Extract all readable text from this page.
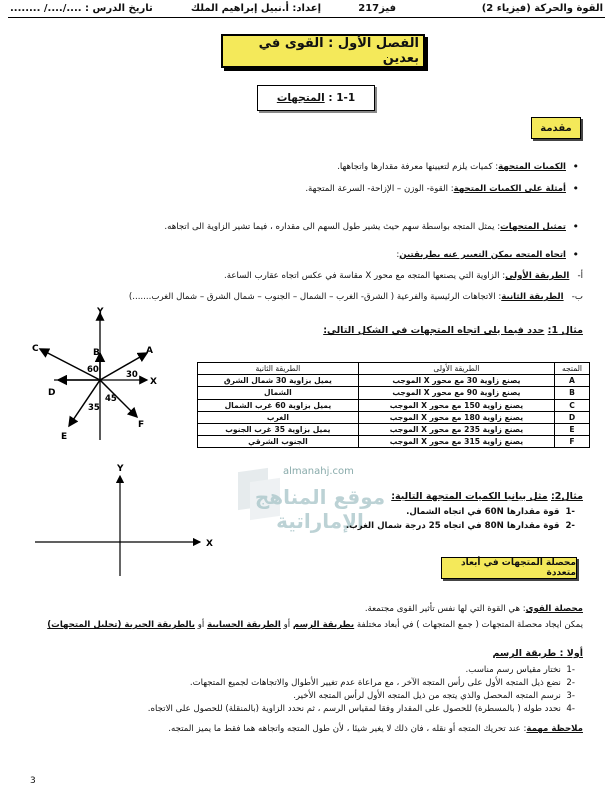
القوة والحركة (فيزياء 2)
فيز217
إعداد: أ.نبيل إبراهيم الملك
تاريخ الدرس : ..../..../ ........
الفصل الأول : القوى في بعدين
1-1 :

المتجهات
مقدمة
• الكميات المتجهة: كميات يلزم لتعيينها معرفة مقدارها واتجاهها.
• أمثلة على الكميات المتجهة: القوة- الوزن – الإزاحة- السرعة المتجهة.
• تمثيل المتجهات: يمثل المتجه بواسطة سهم حيث يشير طول السهم الى مقداره ، فيما تشير الزاوية الى اتجاهه.
• اتجاه المتجه يمكن التعبير عنه بطريقتين:
أ-   الطريقة الأولى: الزاوية التي يصنعها المتجه مع محور X مقاسة في عكس اتجاه عقارب الساعة.
ب-   الطريقة الثانية: الاتجاهات الرئيسية والفرعية ( الشرق- الغرب – الشمال – الجنوب – شمال الشرق – شمال الغرب.......)
مثال 1: حدد فيما يلي اتجاه المتجهات في الشكل التالي:
Y
X
A
B
C
D
E
F
60	30
35
45
المتجه	الطريقة الأولى	الطريقة الثانية
A	يصنع زاوية 30 مع محور X الموجب	يميل بزاوية 30 شمال الشرق
B	يصنع زاوية 90 مع محور X الموجب	الشمال
C	يصنع زاوية 150 مع محور X الموجب	يميل بزاوية 60 غرب الشمال
D	يصنع زاوية 180 مع محور X الموجب	الغرب
E	يصنع زاوية 235 مع محور X الموجب	يميل بزاوية 35 غرب الجنوب
F	يصنع زاوية 315 مع محور X الموجب	الجنوب الشرقي
Y
X
almanahj.com
موقع المناهج الإماراتية
مثال2: مثل بيانيا الكميات المتجهة التالية:
-1  قوة مقدارها 60N في اتجاه الشمال.
-2  قوة مقدارها 80N في اتجاه 25 درجة شمال الغرب.
محصلة المتجهات في أبعاد متعددة
محصلة القوى: هي القوة التي لها نفس تأثير القوى مجتمعة.
يمكن ايجاد محصلة المتجهات ( جمع المتجهات ) في أبعاد مختلفة بطريقة الرسم أو الطريقة الحسابية أو بالطريقة الجبرية (تحليل المتجهات)
أولا : طريقة الرسم
-1  نختار مقياس رسم مناسب.
-2  نضع ذيل المتجه الأول على رأس المتجه الآخر ، مع مراعاة عدم تغيير الأطوال والاتجاهات لجميع المتجهات.
-3  نرسم المتجه المحصل والذي يتجه من ذيل المتجه الأول لرأس المتجه الأخير.
-4  نحدد طوله ( بالمسطرة) للحصول على المقدار وفقا لمقياس الرسم ، ثم نحدد الزاوية (بالمنقلة) للحصول على الاتجاه.
ملاحظة مهمة: عند تحريك المتجه أو نقله ، فان ذلك لا يغير شيئا ، لأن طول المتجه واتجاهه هما فقط ما يميز المتجه.
3
